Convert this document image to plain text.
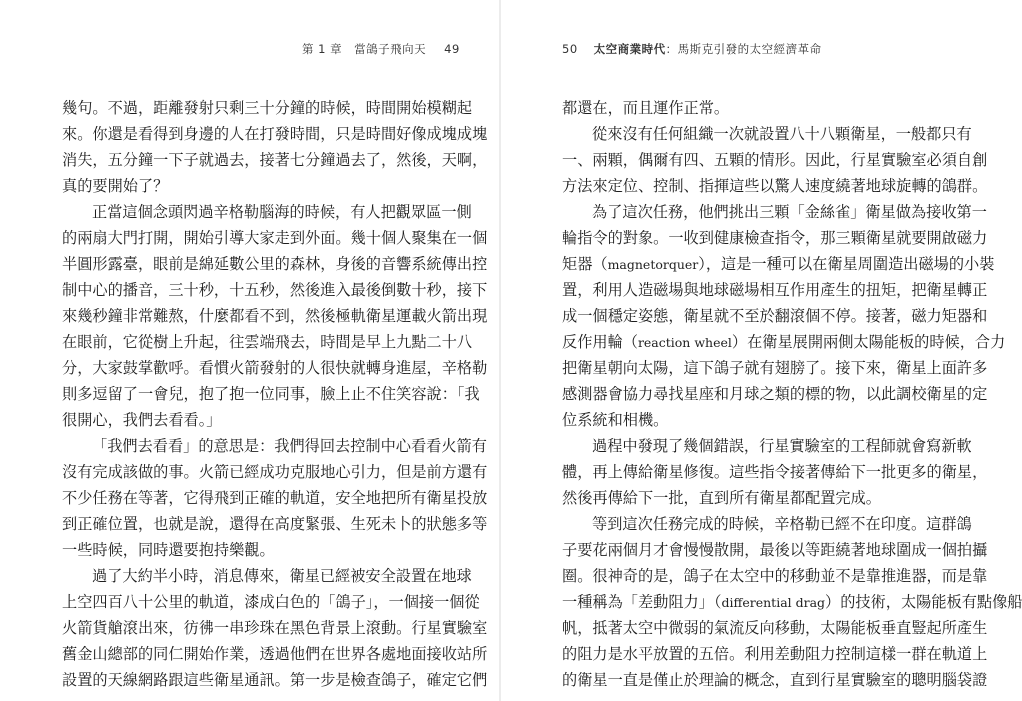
第 1 章　當鴿子飛向天 49
幾句。不過，距離發射只剩三十分鐘的時候，時間開始模糊起
來。你還是看得到身邊的人在打發時間，只是時間好像成塊成塊
消失，五分鐘一下子就過去，接著七分鐘過去了，然後，天啊，
真的要開始了？
正當這個念頭閃過辛格勒腦海的時候，有人把觀眾區一側
的兩扇大門打開，開始引導大家走到外面。幾十個人聚集在一個
半圓形露臺，眼前是綿延數公里的森林，身後的音響系統傳出控
制中心的播音，三十秒，十五秒，然後進入最後倒數十秒，接下
來幾秒鐘非常難熬，什麼都看不到，然後極軌衛星運載火箭出現
在眼前，它從樹上升起，往雲端飛去，時間是早上九點二十八
分，大家鼓掌歡呼。看慣火箭發射的人很快就轉身進屋，辛格勒
則多逗留了一會兒，抱了抱一位同事，臉上止不住笑容說：「我
很開心，我們去看看。」
「我們去看看」的意思是：我們得回去控制中心看看火箭有
沒有完成該做的事。火箭已經成功克服地心引力，但是前方還有
不少任務在等著，它得飛到正確的軌道，安全地把所有衛星投放
到正確位置，也就是說，還得在高度緊張、生死未卜的狀態多等
一些時候，同時還要抱持樂觀。
過了大約半小時，消息傳來，衛星已經被安全設置在地球
上空四百八十公里的軌道，漆成白色的「鴿子」，一個接一個從
火箭貨艙滾出來，彷彿一串珍珠在黑色背景上滾動。行星實驗室
舊金山總部的同仁開始作業，透過他們在世界各處地面接收站所
設置的天線網路跟這些衛星通訊。第一步是檢查鴿子，確定它們
50 太空商業時代：馬斯克引發的太空經濟革命
都還在，而且運作正常。
從來沒有任何組織一次就設置八十八顆衛星，一般都只有
一、兩顆，偶爾有四、五顆的情形。因此，行星實驗室必須自創
方法來定位、控制、指揮這些以驚人速度繞著地球旋轉的鴿群。
為了這次任務，他們挑出三顆「金絲雀」衛星做為接收第一
輪指令的對象。一收到健康檢查指令，那三顆衛星就要開啟磁力
矩器（magnetorquer），這是一種可以在衛星周圍造出磁場的小裝
置，利用人造磁場與地球磁場相互作用產生的扭矩，把衛星轉正
成一個穩定姿態，衛星就不至於翻滾個不停。接著，磁力矩器和
反作用輪（reaction wheel）在衛星展開兩側太陽能板的時候，合力
把衛星朝向太陽，這下鴿子就有翅膀了。接下來，衛星上面許多
感測器會協力尋找星座和月球之類的標的物，以此調校衛星的定
位系統和相機。
過程中發現了幾個錯誤，行星實驗室的工程師就會寫新軟
體，再上傳給衛星修復。這些指令接著傳給下一批更多的衛星，
然後再傳給下一批，直到所有衛星都配置完成。
等到這次任務完成的時候，辛格勒已經不在印度。這群鴿
子要花兩個月才會慢慢散開，最後以等距繞著地球圍成一個拍攝
圈。很神奇的是，鴿子在太空中的移動並不是靠推進器，而是靠
一種稱為「差動阻力」（differential drag）的技術，太陽能板有點像船
帆，抵著太空中微弱的氣流反向移動，太陽能板垂直豎起所產生
的阻力是水平放置的五倍。利用差動阻力控制這樣一群在軌道上
的衛星一直是僅止於理論的概念，直到行星實驗室的聰明腦袋證
